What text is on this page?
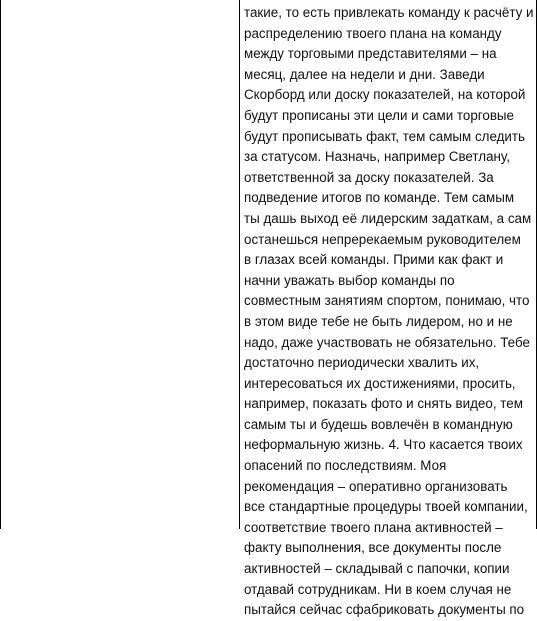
такие, то есть привлекать команду к расчёту и
распределению твоего плана на команду
между торговыми представителями – на
месяц, далее на недели и дни. Заведи
Скорборд или доску показателей, на которой
будут прописаны эти цели и сами торговые
будут прописывать факт, тем самым следить
за статусом. Назначь, например Светлану,
ответственной за доску показателей. За
подведение итогов по команде. Тем самым
ты дашь выход её лидерским задаткам, а сам
останешься непререкаемым руководителем
в глазах всей команды. Прими как факт и
начни уважать выбор команды по
совместным занятиям спортом, понимаю, что
в этом виде тебе не быть лидером, но и не
надо, даже участвовать не обязательно. Тебе
достаточно периодически хвалить их,
интересоваться их достижениями, просить,
например, показать фото и снять видео, тем
самым ты и будешь вовлечён в командную
неформальную жизнь. 4. Что касается твоих
опасений по последствиям. Моя
рекомендация – оперативно организовать
все стандартные процедуры твоей компании,
соответствие твоего плана активностей –
факту выполнения, все документы после
активностей – складывай с папочки, копии
отдавай сотрудникам. Ни в коем случая не
пытайся сейчас сфабриковать документы по
